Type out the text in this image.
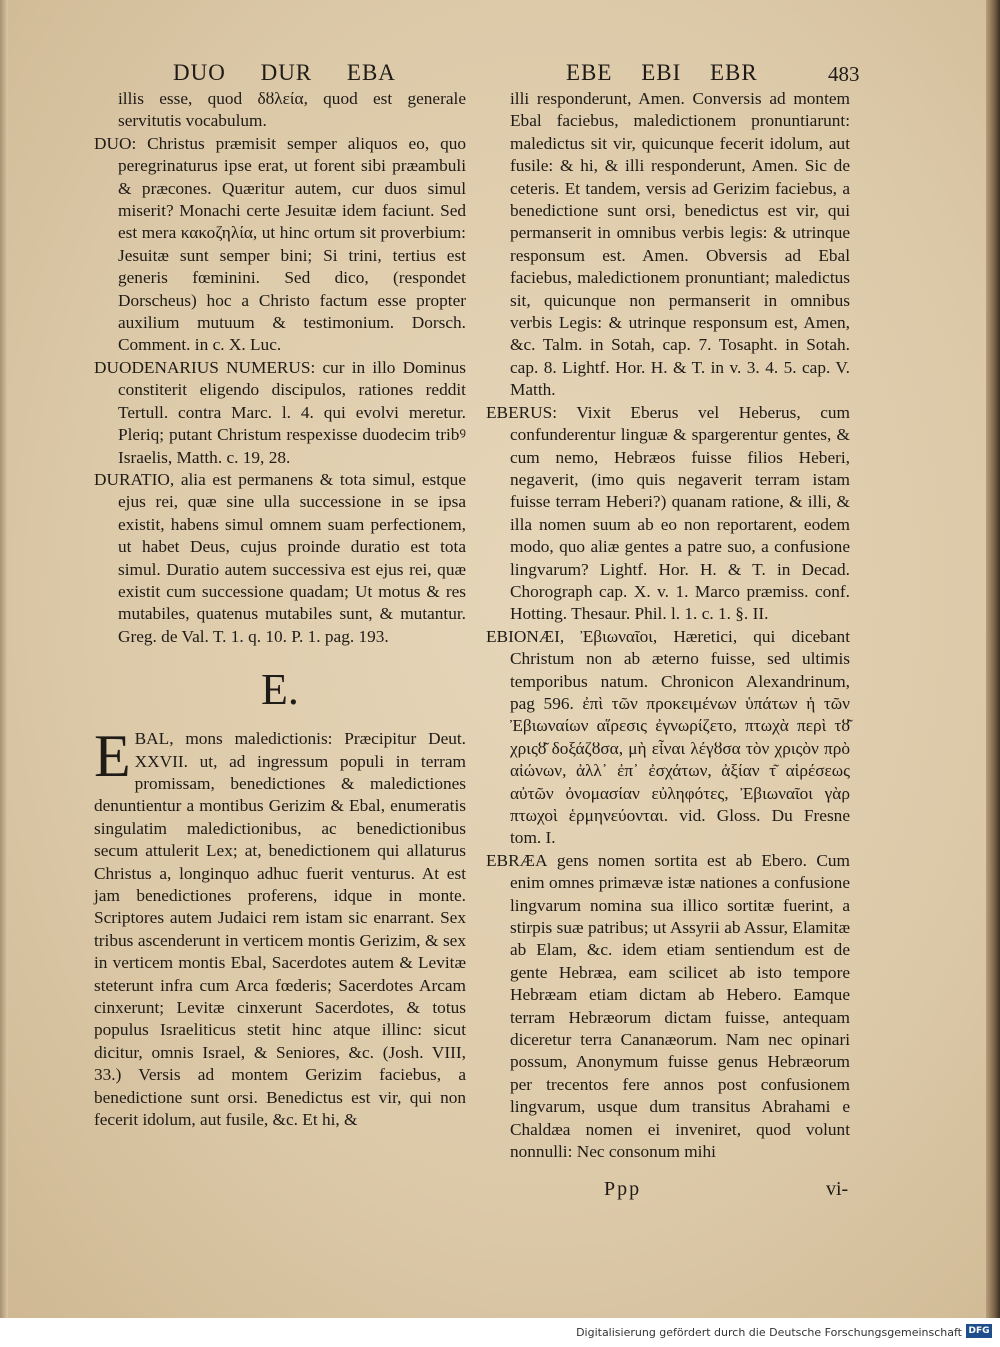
DUO DUR EBA	EBE EBI EBR	483

illis esse, quod δȣλεία, quod est generale servitutis vocabulum.

DUO: Christus præmisit semper aliquos eo, quo peregrinaturus ipse erat, ut forent sibi præambuli & præcones. Quæritur autem, cur duos simul miserit? Monachi certe Jesuitæ idem faciunt. Sed est mera κακοζηλία, ut hinc ortum sit proverbium: Jesuitæ sunt semper bini; Si trini, tertius est generis fœminini. Sed dico, (respondet Dorscheus) hoc a Christo factum esse propter auxilium mutuum & testimonium. Dorsch. Comment. in c. X. Luc.

DUODENARIUS NUMERUS: cur in illo Dominus constiterit eligendo discipulos, rationes reddit Tertull. contra Marc. l. 4. qui evolvi meretur. Pleriq; putant Christum respexisse duodecim tribꝰ Israelis, Matth. c. 19, 28.

DURATIO, alia est permanens & tota simul, estque ejus rei, quæ sine ulla successione in se ipsa existit, habens simul omnem suam perfectionem, ut habet Deus, cujus proinde duratio est tota simul. Duratio autem successiva est ejus rei, quæ existit cum successione quadam; Ut motus & res mutabiles, quatenus mutabiles sunt, & mutantur. Greg. de Val. T. 1. q. 10. P. 1. pag. 193.

E.

EBAL, mons maledictionis: Præcipitur Deut. XXVII. ut, ad ingressum populi in terram promissam, benedictiones & maledictiones denuntientur a montibus Gerizim & Ebal, enumeratis singulatim maledictionibus, ac benedictionibus secum attulerit Lex; at, benedictionem qui allaturus Christus a, longinquo adhuc fuerit venturus. At est jam benedictiones proferens, idque in monte. Scriptores autem Judaici rem istam sic enarrant. Sex tribus ascenderunt in verticem montis Gerizim, & sex in verticem montis Ebal, Sacerdotes autem & Levitæ steterunt infra cum Arca fœderis; Sacerdotes Arcam cinxerunt; Levitæ cinxerunt Sacerdotes, & totus populus Israeliticus stetit hinc atque illinc: sicut dicitur, omnis Israel, & Seniores, &c. (Josh. VIII, 33.) Versis ad montem Gerizim faciebus, a benedictione sunt orsi. Benedictus est vir, qui non fecerit idolum, aut fusile, &c. Et hi, &

illi responderunt, Amen. Conversis ad montem Ebal faciebus, maledictionem pronuntiarunt: maledictus sit vir, quicunque fecerit idolum, aut fusile: & hi, & illi responderunt, Amen. Sic de ceteris. Et tandem, versis ad Gerizim faciebus, a benedictione sunt orsi, benedictus est vir, qui permanserit in omnibus verbis legis: & utrinque responsum est. Amen. Obversis ad Ebal faciebus, maledictionem pronuntiant; maledictus sit, quicunque non permanserit in omnibus verbis Legis: & utrinque responsum est, Amen, &c. Talm. in Sotah, cap. 7. Tosapht. in Sotah. cap. 8. Lightf. Hor. H. & T. in v. 3. 4. 5. cap. V. Matth.

EBERUS: Vixit Eberus vel Heberus, cum confunderentur linguæ & spargerentur gentes, & cum nemo, Hebræos fuisse filios Heberi, negaverit, (imo quis negaverit terram istam fuisse terram Heberi?) quanam ratione, & illi, & illa nomen suum ab eo non reportarent, eodem modo, quo aliæ gentes a patre suo, a confusione lingvarum? Lightf. Hor. H. & T. in Decad. Chorograph cap. X. v. 1. Marco præmiss. conf. Hotting. Thesaur. Phil. l. 1. c. 1. §. II.

EBIONÆI, Ἐβιωναῖοι, Hæretici, qui dicebant Christum non ab æterno fuisse, sed ultimis temporibus natum. Chronicon Alexandrinum, pag 596. ἐπὶ τῶν προκειμένων ὑπάτων ἡ τῶν Ἐβιωναίων αἵρεσις ἐγνωρίζετο, πτωχὰ περὶ τȣ͂ χριςȣ͂ δοξάζȣσα, μὴ εἶναι λέγȣσα τὸν χριςὸν πρὸ αἰώνων, ἀλλ᾽ ἐπ᾽ ἐσχάτων, ἀξίαν τ͂ αἱρέσεως αὐτῶν ὀνομασίαν εὐληφότες, Ἐβιωναῖοι γὰρ πτωχοὶ ἑρμηνεύονται. vid. Gloss. Du Fresne tom. I.

EBRÆA gens nomen sortita est ab Ebero. Cum enim omnes primævæ istæ nationes a confusione lingvarum nomina sua illico sortitæ fuerint, a stirpis suæ patribus; ut Assyrii ab Assur, Elamitæ ab Elam, &c. idem etiam sentiendum est de gente Hebræa, eam scilicet ab isto tempore Hebræam etiam dictam ab Hebero. Eamque terram Hebræorum dictam fuisse, antequam diceretur terra Cananæorum. Nam nec opinari possum, Anonymum fuisse genus Hebræorum per trecentos fere annos post confusionem lingvarum, usque dum transitus Abrahami e Chaldæa nomen ei inveniret, quod volunt nonnulli: Nec consonum mihi

Ppp	vi-
Digitalisierung gefördert durch die Deutsche Forschungsgemeinschaft DFG
